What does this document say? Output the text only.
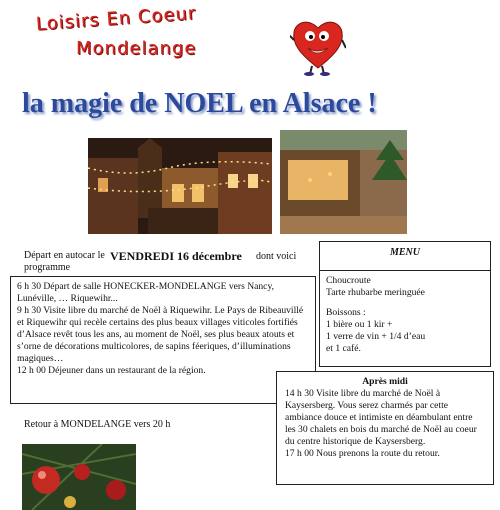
Loisirs En Coeur
Mondelange
la magie de NOEL en Alsace !
Départ en autocar le programme
VENDREDI 16 décembre dont voici

6 h 30 Départ de salle HONECKER-MONDELANGE vers Nancy, Lunéville, … Riquewihr...

9 h 30 Visite libre du marché de Noël à Riquewihr. Le Pays de Ribeauvillé et Riquewihr qui recèle certains des plus beaux villages viticoles fortifiés d’Alsace revêt tous les ans, au moment de Noël, ses plus beaux atouts et s’orne de décorations multicolores, de sapins féeriques, d’illuminations magiques…

12 h 00 Déjeuner dans un restaurant de la région.

MENU

Choucroute

Tarte rhubarbe meringuée

Boissons :

1 bière ou 1 kir +

1 verre de vin + 1/4 d’eau

et 1 café.

Après midi

14 h 30 Visite libre du marché de Noël à Kaysersberg. Vous serez charmés par cette ambiance douce et intimiste en déambulant entre les 30 chalets en bois du marché de Noël au coeur du centre historique de Kaysersberg.

17 h 00 Nous prenons la route du retour.

Retour à MONDELANGE vers 20 h
